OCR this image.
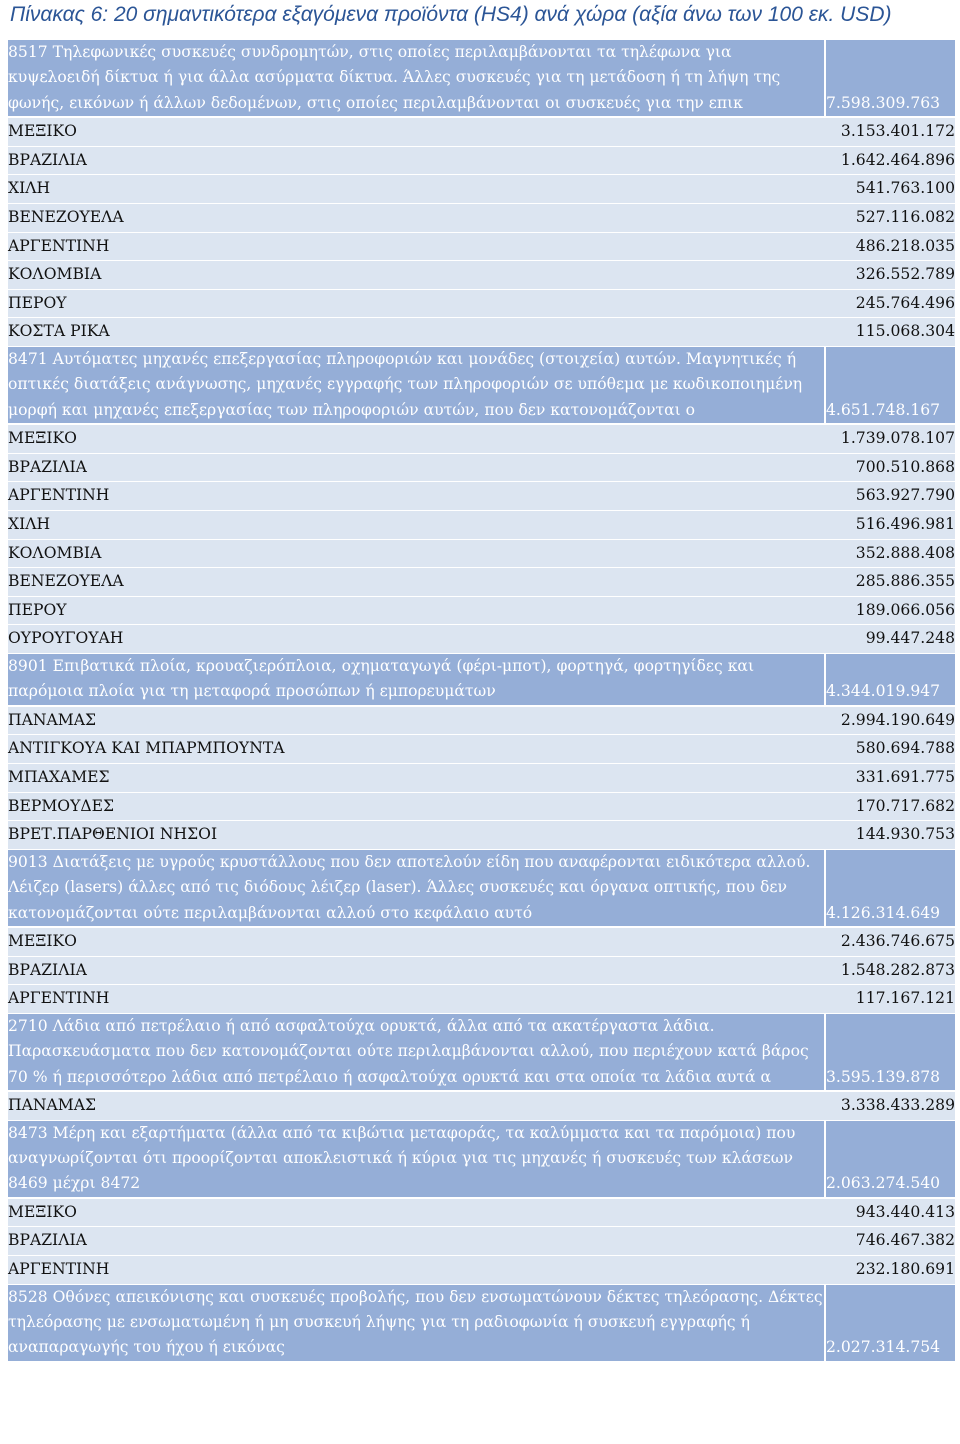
Πίνακας 6: 20 σημαντικότερα εξαγόμενα προϊόντα (HS4) ανά χώρα (αξία άνω των 100 εκ. USD)
8517 Τηλεφωνικές συσκευές συνδρομητών, στις οποίες περιλαμβάνονται τα τηλέφωνα για κυψελοειδή δίκτυα ή για άλλα ασύρματα δίκτυα. Άλλες συσκευές για τη μετάδοση ή τη λήψη της φωνής, εικόνων ή άλλων δεδομένων, στις οποίες περιλαμβάνονται οι συσκευές για την επικ	7.598.309.763
ΜΕΞΙΚΟ	3.153.401.172
ΒΡΑΖΙΛΙΑ	1.642.464.896
ΧΙΛΗ	541.763.100
ΒΕΝΕΖΟΥΕΛΑ	527.116.082
ΑΡΓΕΝΤΙΝΗ	486.218.035
ΚΟΛΟΜΒΙΑ	326.552.789
ΠΕΡΟΥ	245.764.496
ΚΟΣΤΑ ΡΙΚΑ	115.068.304
8471 Αυτόματες μηχανές επεξεργασίας πληροφοριών και μονάδες (στοιχεία) αυτών. Μαγνητικές ή οπτικές διατάξεις ανάγνωσης, μηχανές εγγραφής των πληροφοριών σε υπόθεμα με κωδικοποιημένη μορφή και μηχανές επεξεργασίας των πληροφοριών αυτών, που δεν κατονομάζονται ο	4.651.748.167
ΜΕΞΙΚΟ	1.739.078.107
ΒΡΑΖΙΛΙΑ	700.510.868
ΑΡΓΕΝΤΙΝΗ	563.927.790
ΧΙΛΗ	516.496.981
ΚΟΛΟΜΒΙΑ	352.888.408
ΒΕΝΕΖΟΥΕΛΑ	285.886.355
ΠΕΡΟΥ	189.066.056
ΟΥΡΟΥΓΟΥΑΗ	99.447.248
8901 Επιβατικά πλοία, κρουαζιερόπλοια, οχηματαγωγά (φέρι-μποτ), φορτηγά, φορτηγίδες και παρόμοια πλοία για τη μεταφορά προσώπων ή εμπορευμάτων	4.344.019.947
ΠΑΝΑΜΑΣ	2.994.190.649
ΑΝΤΙΓΚΟΥΑ ΚΑΙ ΜΠΑΡΜΠΟΥΝΤΑ	580.694.788
ΜΠΑΧΑΜΕΣ	331.691.775
ΒΕΡΜΟΥΔΕΣ	170.717.682
ΒΡΕΤ.ΠΑΡΘΕΝΙΟΙ ΝΗΣΟΙ	144.930.753
9013 Διατάξεις με υγρούς κρυστάλλους που δεν αποτελούν είδη που αναφέρονται ειδικότερα αλλού. Λέιζερ (lasers) άλλες από τις διόδους λέιζερ (laser). Άλλες συσκευές και όργανα οπτικής, που δεν κατονομάζονται ούτε περιλαμβάνονται αλλού στο κεφάλαιο αυτό	4.126.314.649
ΜΕΞΙΚΟ	2.436.746.675
ΒΡΑΖΙΛΙΑ	1.548.282.873
ΑΡΓΕΝΤΙΝΗ	117.167.121
2710 Λάδια από πετρέλαιο ή από ασφαλτούχα ορυκτά, άλλα από τα ακατέργαστα λάδια. Παρασκευάσματα που δεν κατονομάζονται ούτε περιλαμβάνονται αλλού, που περιέχουν κατά βάρος 70 % ή περισσότερο λάδια από πετρέλαιο ή ασφαλτούχα ορυκτά και στα οποία τα λάδια αυτά α	3.595.139.878
ΠΑΝΑΜΑΣ	3.338.433.289
8473 Μέρη και εξαρτήματα (άλλα από τα κιβώτια μεταφοράς, τα καλύμματα και τα παρόμοια) που αναγνωρίζονται ότι προορίζονται αποκλειστικά ή κύρια για τις μηχανές ή συσκευές των κλάσεων 8469 μέχρι 8472	2.063.274.540
ΜΕΞΙΚΟ	943.440.413
ΒΡΑΖΙΛΙΑ	746.467.382
ΑΡΓΕΝΤΙΝΗ	232.180.691
8528 Οθόνες απεικόνισης και συσκευές προβολής, που δεν ενσωματώνουν δέκτες τηλεόρασης. Δέκτες τηλεόρασης με ενσωματωμένη ή μη συσκευή λήψης για τη ραδιοφωνία ή συσκευή εγγραφής ή αναπαραγωγής του ήχου ή εικόνας	2.027.314.754
